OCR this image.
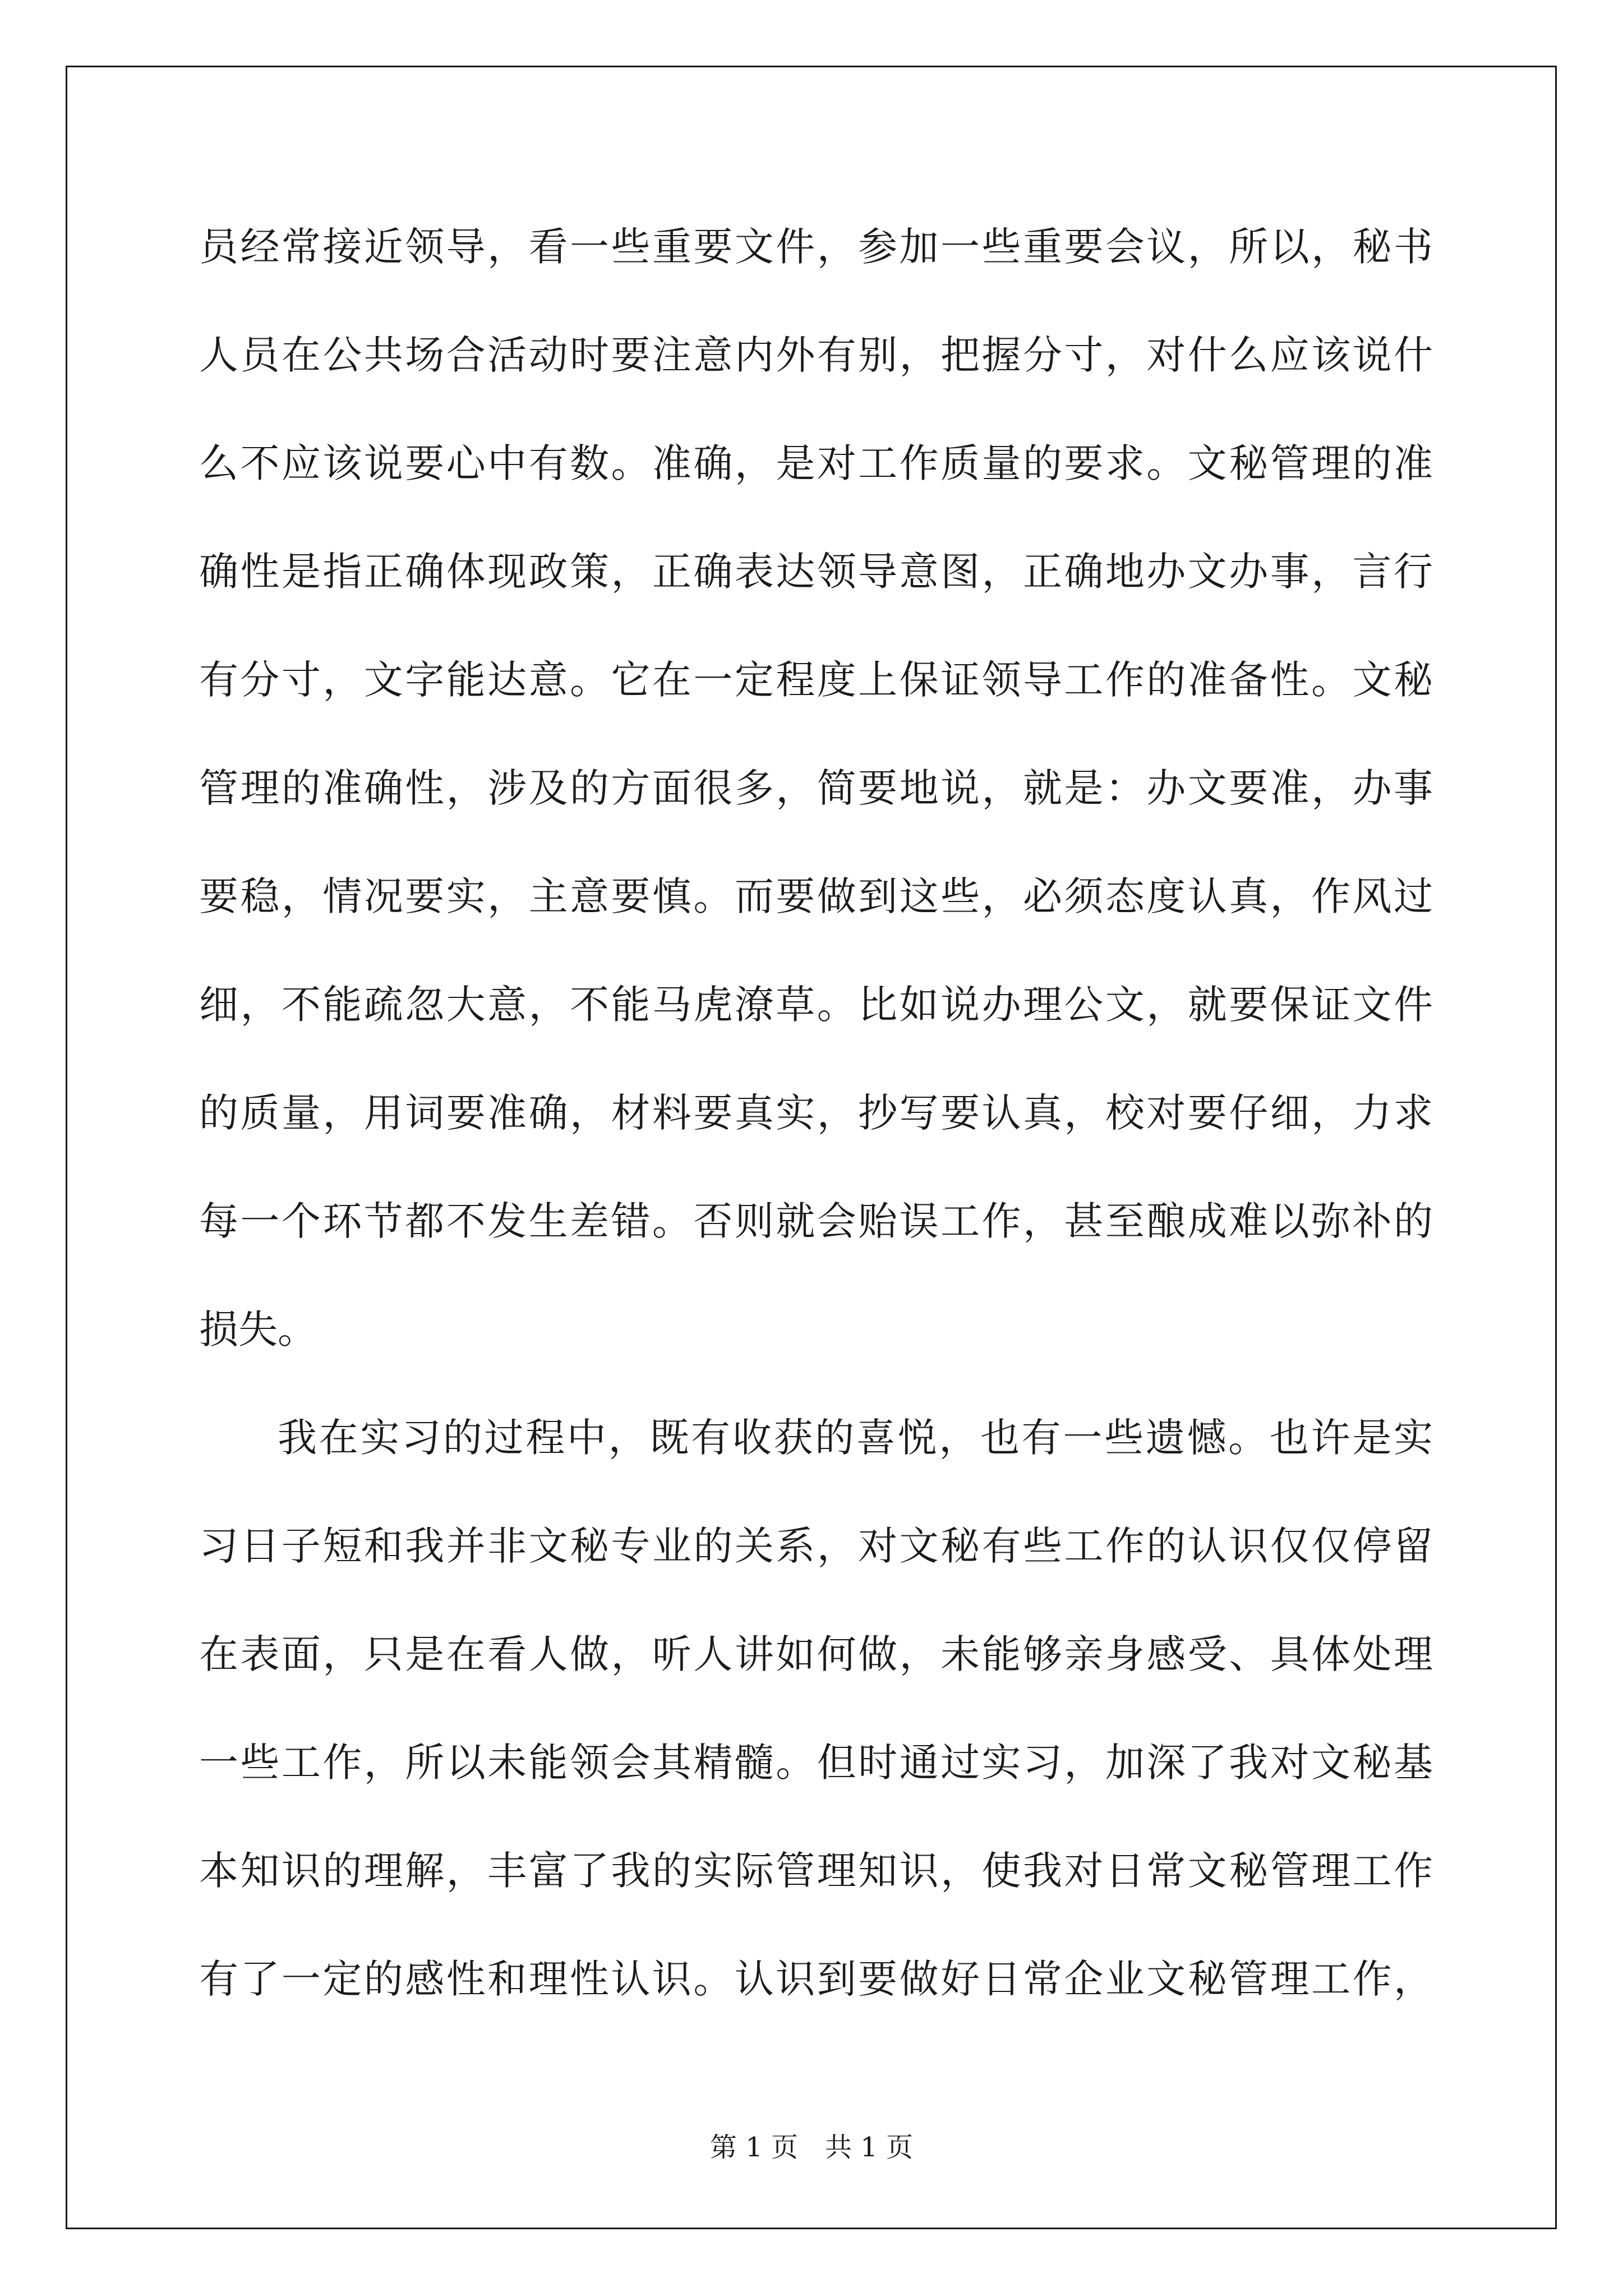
员经常接近领导，看一些重要文件，参加一些重要会议，所以，秘书
人员在公共场合活动时要注意内外有别，把握分寸，对什么应该说什
么不应该说要心中有数。准确，是对工作质量的要求。文秘管理的准
确性是指正确体现政策，正确表达领导意图，正确地办文办事，言行
有分寸，文字能达意。它在一定程度上保证领导工作的准备性。文秘
管理的准确性，涉及的方面很多，简要地说，就是：办文要准，办事
要稳，情况要实，主意要慎。而要做到这些，必须态度认真，作风过
细，不能疏忽大意，不能马虎潦草。比如说办理公文，就要保证文件
的质量，用词要准确，材料要真实，抄写要认真，校对要仔细，力求
每一个环节都不发生差错。否则就会贻误工作，甚至酿成难以弥补的
损失。
我在实习的过程中，既有收获的喜悦，也有一些遗憾。也许是实
习日子短和我并非文秘专业的关系，对文秘有些工作的认识仅仅停留
在表面，只是在看人做，听人讲如何做，未能够亲身感受、具体处理
一些工作，所以未能领会其精髓。但时通过实习，加深了我对文秘基
本知识的理解，丰富了我的实际管理知识，使我对日常文秘管理工作
有了一定的感性和理性认识。认识到要做好日常企业文秘管理工作，
第 1 页　共 1 页
